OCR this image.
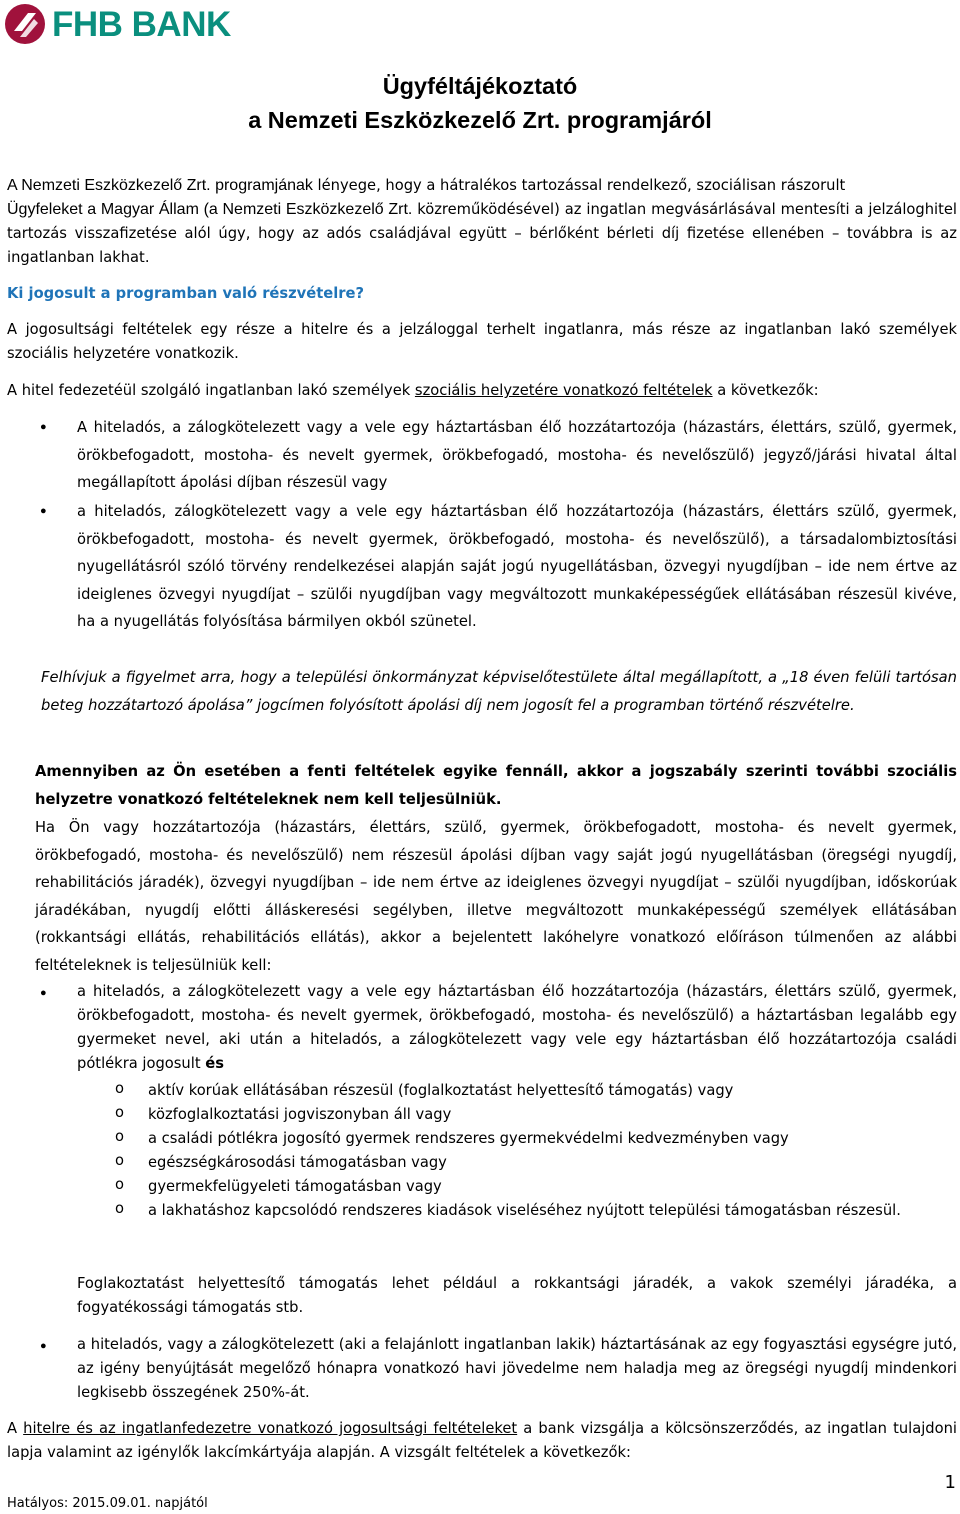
FHB BANK
Ügyféltájékoztató
a Nemzeti Eszközkezelő Zrt. programjáról

A Nemzeti Eszközkezelő Zrt. programjának lényege, hogy a hátralékos tartozással rendelkező, szociálisan rászorult
Ügyfeleket a Magyar Állam (a Nemzeti Eszközkezelő Zrt. közreműködésével) az ingatlan megvásárlásával mentesíti a jelzáloghitel tartozás visszafizetése alól úgy, hogy az adós családjával együtt – bérlőként bérleti díj fizetése ellenében – továbbra is az ingatlanban lakhat.

Ki jogosult a programban való részvételre?

A jogosultsági feltételek egy része a hitelre és a jelzáloggal terhelt ingatlanra, más része az ingatlanban lakó személyek szociális helyzetére vonatkozik.

A hitel fedezetéül szolgáló ingatlanban lakó személyek szociális helyzetére vonatkozó feltételek a következők:

● A hiteladós, a zálogkötelezett vagy a vele egy háztartásban élő hozzátartozója (házastárs, élettárs, szülő, gyermek, örökbefogadott, mostoha- és nevelt gyermek, örökbefogadó, mostoha- és nevelőszülő) jegyző/járási hivatal által megállapított ápolási díjban részesül vagy

● a hiteladós, zálogkötelezett vagy a vele egy háztartásban élő hozzátartozója (házastárs, élettárs szülő, gyermek, örökbefogadott, mostoha- és nevelt gyermek, örökbefogadó, mostoha- és nevelőszülő), a társadalombiztosítási nyugellátásról szóló törvény rendelkezései alapján saját jogú nyugellátásban, özvegyi nyugdíjban – ide nem értve az ideiglenes özvegyi nyugdíjat – szülői nyugdíjban vagy megváltozott munkaképességűek ellátásában részesül kivéve, ha a nyugellátás folyósítása bármilyen okból szünetel.

Felhívjuk a figyelmet arra, hogy a települési önkormányzat képviselőtestülete által megállapított, a „18 éven felüli tartósan beteg hozzátartozó ápolása” jogcímen folyósított ápolási díj nem jogosít fel a programban történő részvételre.

Amennyiben az Ön esetében a fenti feltételek egyike fennáll, akkor a jogszabály szerinti további szociális helyzetre vonatkozó feltételeknek nem kell teljesülniük.

Ha Ön vagy hozzátartozója (házastárs, élettárs, szülő, gyermek, örökbefogadott, mostoha- és nevelt gyermek, örökbefogadó, mostoha- és nevelőszülő) nem részesül ápolási díjban vagy saját jogú nyugellátásban (öregségi nyugdíj, rehabilitációs járadék), özvegyi nyugdíjban – ide nem értve az ideiglenes özvegyi nyugdíjat – szülői nyugdíjban, időskorúak járadékában, nyugdíj előtti álláskeresési segélyben, illetve megváltozott munkaképességű személyek ellátásában (rokkantsági ellátás, rehabilitációs ellátás), akkor a bejelentett lakóhelyre vonatkozó előíráson túlmenően az alábbi feltételeknek is teljesülniük kell:

● a hiteladós, a zálogkötelezett vagy a vele egy háztartásban élő hozzátartozója (házastárs, élettárs szülő, gyermek, örökbefogadott, mostoha- és nevelt gyermek, örökbefogadó, mostoha- és nevelőszülő) a háztartásban legalább egy gyermeket nevel, aki után a hiteladós, a zálogkötelezett vagy vele egy háztartásban élő hozzátartozója családi pótlékra jogosult és

o aktív korúak ellátásában részesül (foglalkoztatást helyettesítő támogatás) vagy
o közfoglalkoztatási jogviszonyban áll vagy
o a családi pótlékra jogosító gyermek rendszeres gyermekvédelmi kedvezményben vagy
o egészségkárosodási támogatásban vagy
o gyermekfelügyeleti támogatásban vagy
o a lakhatáshoz kapcsolódó rendszeres kiadások viseléséhez nyújtott települési támogatásban részesül.

Foglakoztatást helyettesítő támogatás lehet például a rokkantsági járadék, a vakok személyi járadéka, a fogyatékossági támogatás stb.

● a hiteladós, vagy a zálogkötelezett (aki a felajánlott ingatlanban lakik) háztartásának az egy fogyasztási egységre jutó, az igény benyújtását megelőző hónapra vonatkozó havi jövedelme nem haladja meg az öregségi nyugdíj mindenkori legkisebb összegének 250%-át.

A hitelre és az ingatlanfedezetre vonatkozó jogosultsági feltételeket a bank vizsgálja a kölcsönszerződés, az ingatlan tulajdoni lapja valamint az igénylők lakcímkártyája alapján. A vizsgált feltételek a következők:

1
Hatályos: 2015.09.01. napjától
